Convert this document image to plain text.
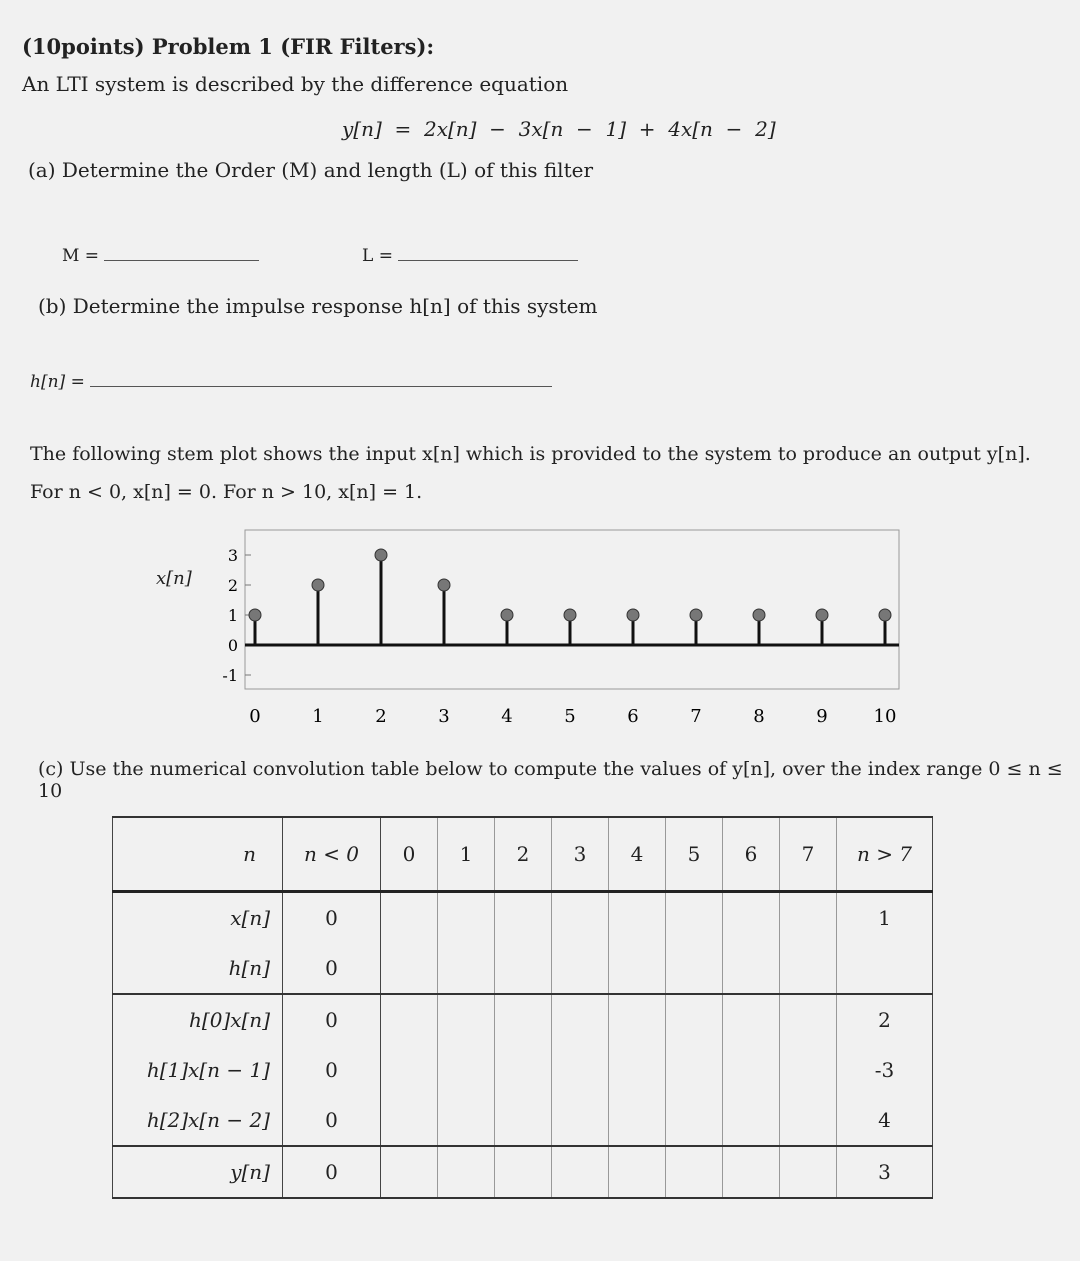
(10points) Problem 1 (FIR Filters):
An LTI system is described by the difference equation
y[n]  =  2x[n]  −  3x[n  −  1]  +  4x[n  −  2]
(a) Determine the Order (M) and length (L) of this filter
M =	L =
(b) Determine the impulse response h[n] of this system
h[n] =
The following stem plot shows the input x[n] which is provided to the system to produce an output y[n].
For n < 0, x[n] = 0. For n > 10, x[n] = 1.
x[n]
3
2
1
0
-1
0	1	2	3	4	5	6	7	8	9	10
(c) Use the numerical convolution table below to compute the values of y[n], over the index range 0 ≤ n ≤ 10
n	n < 0	0	1	2	3	4	5	6	7	n > 7
x[n]	0									1
h[n]	0									
h[0]x[n]	0									2
h[1]x[n − 1]	0									-3
h[2]x[n − 2]	0									4
y[n]	0									3
